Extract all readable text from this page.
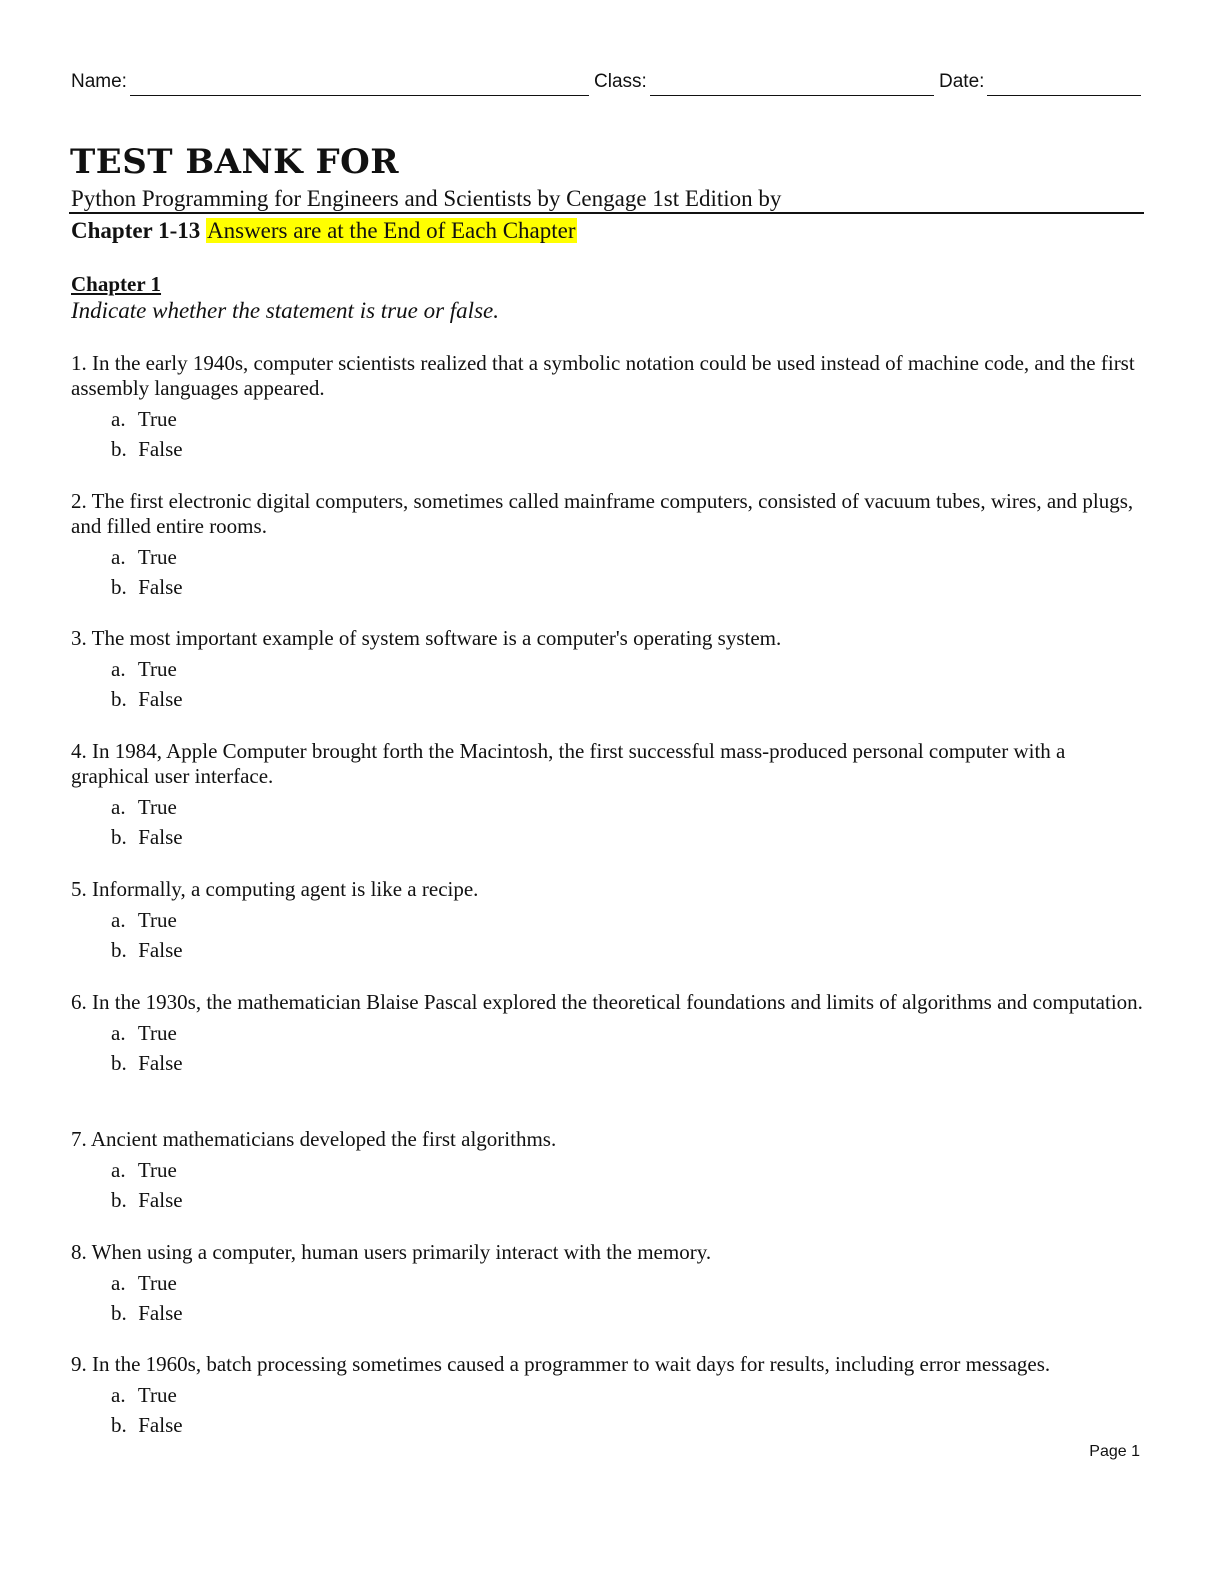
Name:	Class:	Date:
TEST BANK FOR
Python Programming for Engineers and Scientists by Cengage 1st Edition by
Chapter 1-13 Answers are at the End of Each Chapter
Chapter 1
Indicate whether the statement is true or false.
1. In the early 1940s, computer scientists realized that a symbolic notation could be used instead of machine code, and the first assembly languages appeared.
a. True
b. False
2. The first electronic digital computers, sometimes called mainframe computers, consisted of vacuum tubes, wires, and plugs, and filled entire rooms.
a. True
b. False
3. The most important example of system software is a computer's operating system.
a. True
b. False
4. In 1984, Apple Computer brought forth the Macintosh, the first successful mass-produced personal computer with a graphical user interface.
a. True
b. False
5. Informally, a computing agent is like a recipe.
a. True
b. False
6. In the 1930s, the mathematician Blaise Pascal explored the theoretical foundations and limits of algorithms and computation.
a. True
b. False
7. Ancient mathematicians developed the first algorithms.
a. True
b. False
8. When using a computer, human users primarily interact with the memory.
a. True
b. False
9. In the 1960s, batch processing sometimes caused a programmer to wait days for results, including error messages.
a. True
b. False
Page 1
